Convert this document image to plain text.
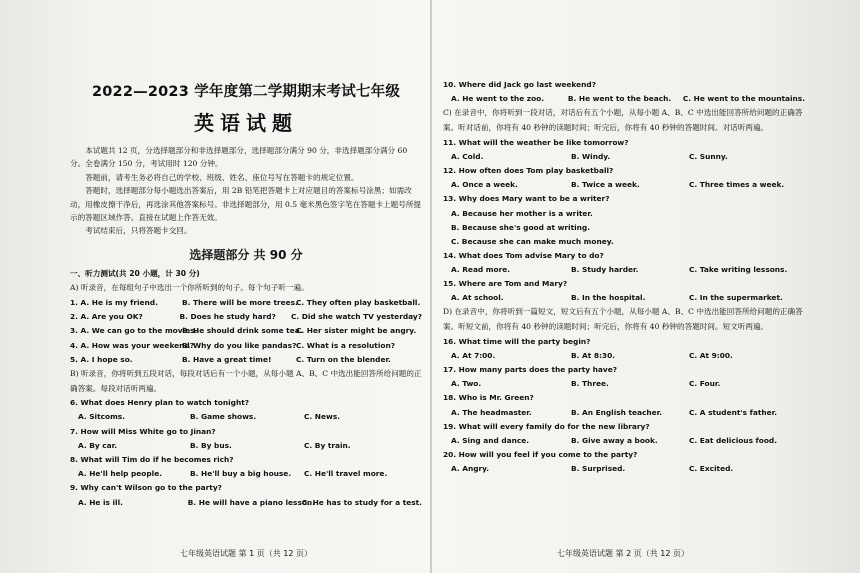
2022—2023 学年度第二学期期末考试七年级
英语试题

本试题共 12 页，分选择题部分和非选择题部分，选择题部分满分 90 分，非选择题部分满分 60 分。全卷满分 150 分，考试用时 120 分钟。

答题前，请考生务必将自己的学校、班级、姓名、座位号写在答题卡的规定位置。

答题时，选择题部分每小题选出答案后，用 2B 铅笔把答题卡上对应题目的答案标号涂黑；如需改动，用橡皮擦干净后，再选涂其他答案标号。非选择题部分，用 0.5 毫米黑色签字笔在答题卡上题号所提示的答题区域作答。直接在试题上作答无效。

考试结束后，只将答题卡交回。

选择题部分 共 90 分
一、听力测试(共 20 小题，计 30 分)
A) 听录音，在每组句子中选出一个你所听到的句子。每个句子听一遍。
1. A. He is my friend.	B. There will be more trees.
C. They often play basketball.
2. A. Are you OK?	B. Does he study hard?	C. Did she watch TV yesterday?
3. A. We can go to the movies.
B. He should drink some tea.
C. Her sister might be angry.
4. A. How was your weekend?
B. Why do you like pandas? C. What is a resolution?
5. A. I hope so.	B. Have a great time!	C. Turn on the blender.

B) 听录音，你将听到五段对话，每段对话后有一个小题，从每小题 A、B、C 中选出能回答所给问题的正确答案。每段对话听两遍。

6. What does Henry plan to watch tonight?
A. Sitcoms.	B. Game shows.	C. News.
7. How will Miss White go to Jinan?
A. By car.	B. By bus.	C. By train.
8. What will Tim do if he becomes rich?
A. He'll help people.	B. He'll buy a big house.	C. He'll travel more.
9. Why can't Wilson go to the party?
A. He is ill.	B. He will have a piano lesson.
C. He has to study for a test.
七年级英语试题 第 1 页（共 12 页）
10. Where did Jack go last weekend?
A. He went to the zoo.	B. He went to the beach.	C. He went to the mountains.

C) 在录音中，你将听到一段对话，对话后有五个小题，从每小题 A、B、C 中选出能回答所给问题的正确答案。听对话前，你将有 40 秒钟的读题时间；听完后，你将有 40 秒钟的答题时间。对话听两遍。

11. What will the weather be like tomorrow?
A. Cold.	B. Windy.	C. Sunny.
12. How often does Tom play basketball?
A. Once a week.	B. Twice a week.	C. Three times a week.
13. Why does Mary want to be a writer?
A. Because her mother is a writer.
B. Because she's good at writing.
C. Because she can make much money.
14. What does Tom advise Mary to do?
A. Read more.	B. Study harder.	C. Take writing lessons.
15. Where are Tom and Mary?
A. At school.	B. In the hospital.	C. In the supermarket.

D) 在录音中，你将听到一篇短文，短文后有五个小题，从每小题 A、B、C 中选出能回答所给问题的正确答案。听短文前，你将有 40 秒钟的读题时间；听完后，你将有 40 秒钟的答题时间。短文听两遍。

16. What time will the party begin?
A. At 7:00.	B. At 8:30.	C. At 9:00.
17. How many parts does the party have?
A. Two.	B. Three.	C. Four.
18. Who is Mr. Green?
A. The headmaster.	B. An English teacher.	C. A student's father.
19. What will every family do for the new library?
A. Sing and dance.	B. Give away a book.	C. Eat delicious food.
20. How will you feel if you come to the party?
A. Angry.	B. Surprised.	C. Excited.
七年级英语试题 第 2 页（共 12 页）
